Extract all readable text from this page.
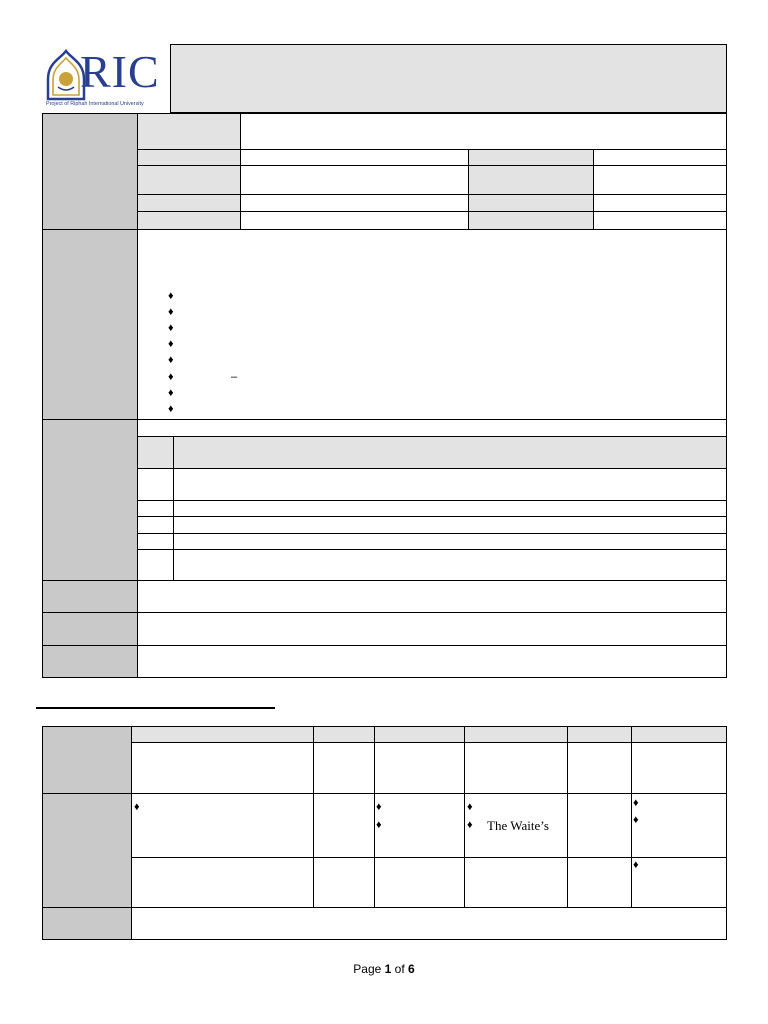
RIC
Project of Riphah International University
♦
♦
♦
♦
♦
♦	–
♦
♦
♦	♦
♦
♦
♦ The Waite’s
♦
♦
♦
Page 1 of 6
